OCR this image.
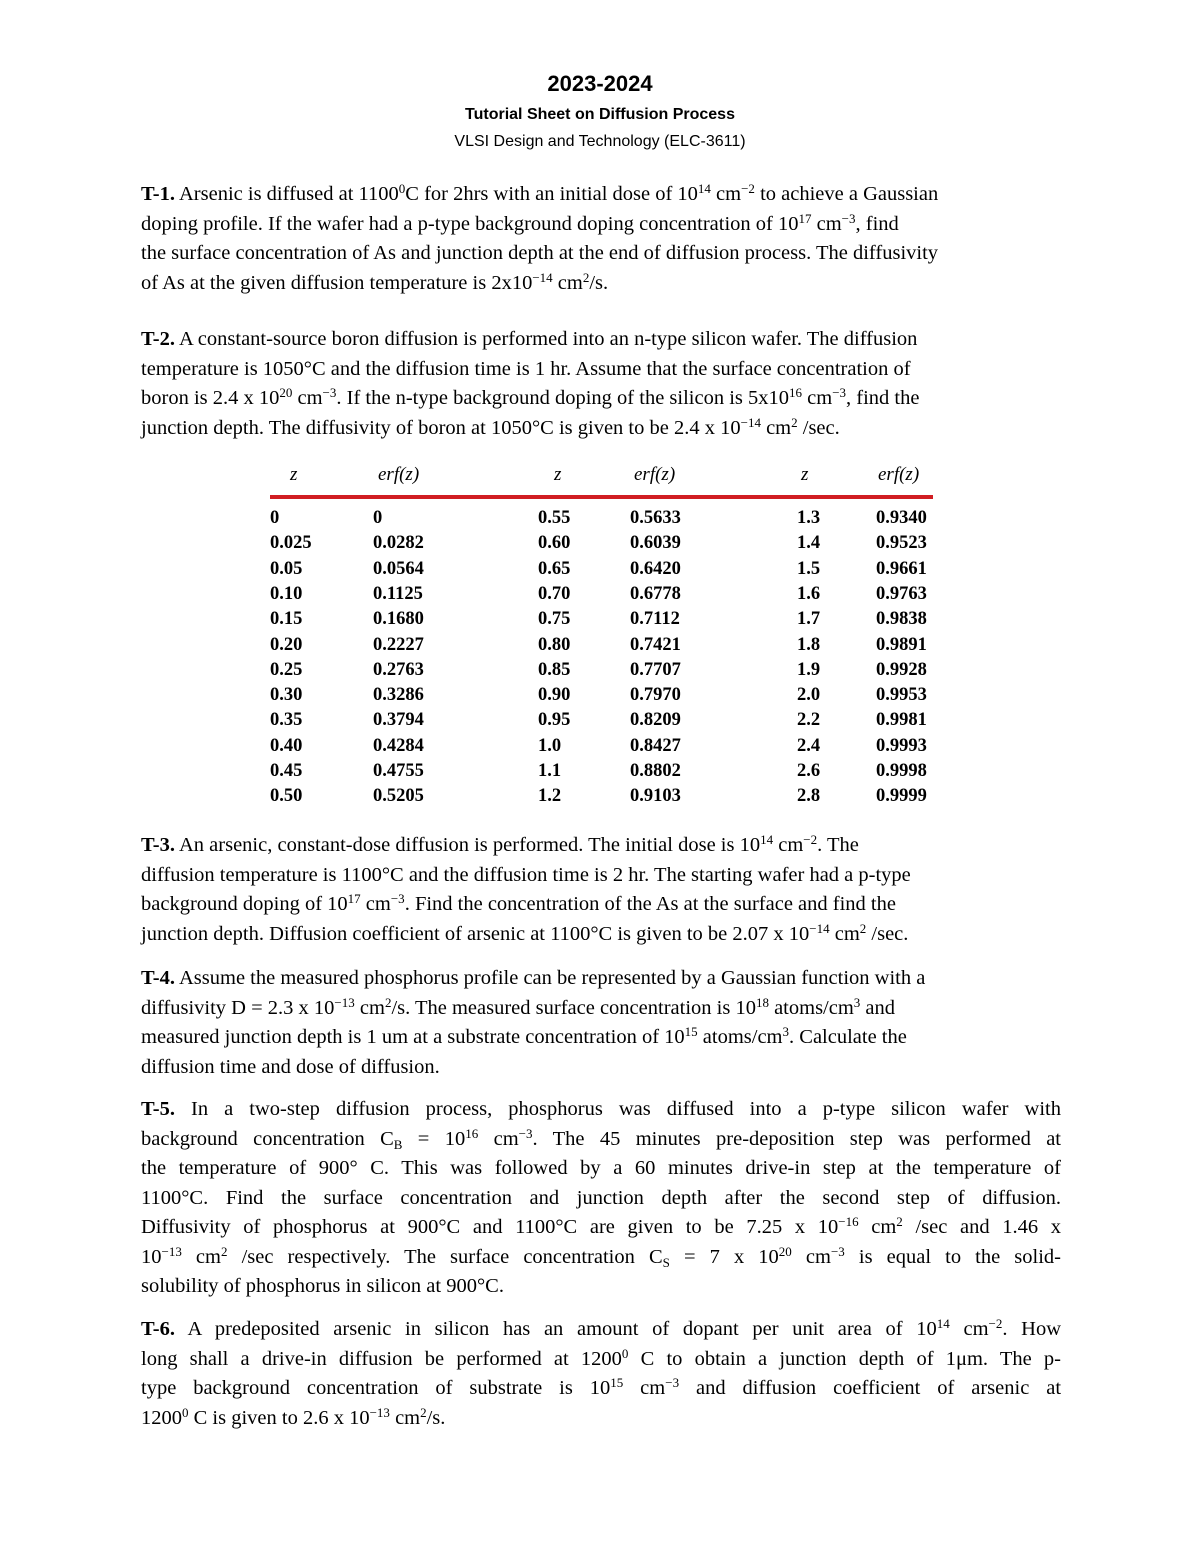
2023-2024
Tutorial Sheet on Diffusion Process
VLSI Design and Technology (ELC-3611)
T-1. Arsenic is diffused at 1100$^0$C for 2hrs with an initial dose of $10^{14}$ $cm^{-2}$ to achieve a Gaussian
doping profile. If the wafer had a p-type background doping concentration of $10^{17}$ $cm^{-3}$, find
the surface concentration of As and junction depth at the end of diffusion process. The diffusivity
of As at the given diffusion temperature is $2x10^{-14}$ $cm^2/s$.
T-2. A constant-source boron diffusion is performed into an n-type silicon wafer. The diffusion
temperature is 1050°C and the diffusion time is 1 hr. Assume that the surface concentration of
boron is 2.4 x $10^{20}$ $cm^{-3}$. If the n-type background doping of the silicon is $5x10^{16}$ $cm^{-3}$, find the
junction depth. The diffusivity of boron at 1050°C is given to be 2.4 x $10^{-14}$ $cm^2$ /sec.
z	erf(z)	z	erf(z)	z	erf(z)
0	0	0.55	0.5633	1.3	0.9340
0.025	0.0282	0.60	0.6039	1.4	0.9523
0.05	0.0564	0.65	0.6420	1.5	0.9661
0.10	0.1125	0.70	0.6778	1.6	0.9763
0.15	0.1680	0.75	0.7112	1.7	0.9838
0.20	0.2227	0.80	0.7421	1.8	0.9891
0.25	0.2763	0.85	0.7707	1.9	0.9928
0.30	0.3286	0.90	0.7970	2.0	0.9953
0.35	0.3794	0.95	0.8209	2.2	0.9981
0.40	0.4284	1.0	0.8427	2.4	0.9993
0.45	0.4755	1.1	0.8802	2.6	0.9998
0.50	0.5205	1.2	0.9103	2.8	0.9999
T-3. An arsenic, constant-dose diffusion is performed. The initial dose is $10^{14}$ $cm^{-2}$. The
diffusion temperature is 1100°C and the diffusion time is 2 hr. The starting wafer had a p-type
background doping of $10^{17}$ $cm^{-3}$. Find the concentration of the As at the surface and find the
junction depth. Diffusion coefficient of arsenic at 1100°C is given to be 2.07 x $10^{-14}$ $cm^2$ /sec.
T-4. Assume the measured phosphorus profile can be represented by a Gaussian function with a
diffusivity D = 2.3 x $10^{-13}$ $cm^2/s$. The measured surface concentration is $10^{18}$ atoms/$cm^3$ and
measured junction depth is 1 um at a substrate concentration of $10^{15}$ atoms/$cm^3$. Calculate the
diffusion time and dose of diffusion.
T-5. In a two-step diffusion process, phosphorus was diffused into a p-type silicon wafer with
background concentration $C_B = 10^{16}$ $cm^{-3}$. The 45 minutes pre-deposition step was performed at
the temperature of 900° C. This was followed by a 60 minutes drive-in step at the temperature of
1100°C. Find the surface concentration and junction depth after the second step of diffusion.
Diffusivity of phosphorus at 900°C and 1100°C are given to be 7.25 x $10^{-16}$ $cm^2$ /sec and 1.46 x
$10^{-13}$ $cm^2$ /sec respectively. The surface concentration $C_S = 7$ x $10^{20}$ $cm^{-3}$ is equal to the solid-
solubility of phosphorus in silicon at 900°C.
T-6. A predeposited arsenic in silicon has an amount of dopant per unit area of $10^{14}$ $cm^{-2}$. How
long shall a drive-in diffusion be performed at 1200$^0$ C to obtain a junction depth of 1μm. The p-
type background concentration of substrate is $10^{15}$ $cm^{-3}$ and diffusion coefficient of arsenic at
1200$^0$ C is given to 2.6 x $10^{-13}$ $cm^2/s$.
